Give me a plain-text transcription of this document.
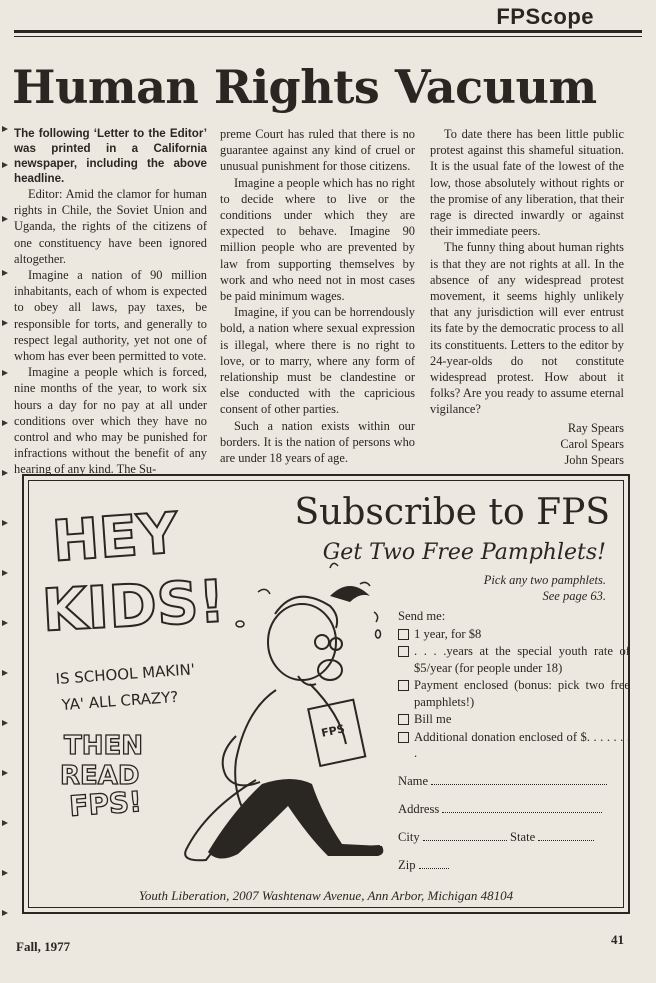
FPScope
Human Rights Vacuum

The following ‘Letter to the Editor’ was printed in a California newspaper, including the above headline.

Editor: Amid the clamor for human rights in Chile, the Soviet Union and Uganda, the rights of the citizens of one constituency have been ignored altogether.

Imagine a nation of 90 million inhabitants, each of whom is expected to obey all laws, pay taxes, be responsible for torts, and generally to respect legal authority, yet not one of whom has ever been permitted to vote.

Imagine a people which is forced, nine months of the year, to work six hours a day for no pay at all under conditions over which they have no control and who may be punished for infractions without the benefit of any hearing of any kind. The Su-

preme Court has ruled that there is no guarantee against any kind of cruel or unusual punishment for those citizens.

Imagine a people which has no right to decide where to live or the conditions under which they are expected to behave. Imagine 90 million people who are prevented by law from supporting themselves by work and who need not in most cases be paid minimum wages.

Imagine, if you can be horrendously bold, a nation where sexual expression is illegal, where there is no right to love, or to marry, where any form of relationship must be clandestine or else conducted with the capricious consent of other parties.

Such a nation exists within our borders. It is the nation of persons who are under 18 years of age.

To date there has been little public protest against this shameful situation. It is the usual fate of the lowest of the low, those absolutely without rights or the promise of any liberation, that their rage is directed inwardly or against their immediate peers.

The funny thing about human rights is that they are not rights at all. In the absence of any widespread protest movement, it seems highly unlikely that any jurisdiction will ever entrust its fate by the democratic process to all its constituents. Letters to the editor by 24-year-olds do not constitute widespread protest. How about it folks? Are you ready to assume eternal vigilance?

Ray Spears
Carol Spears
John Spears
HEY
KIDS!
IS SCHOOL MAKIN'
YA' ALL CRAZY?
THEN
READ
FPS!
FPS
Subscribe to FPS
Get Two Free Pamphlets!
Pick any two pamphlets.
See page 63.
Send me:
1 year, for $8
. . . .years at the special youth rate of $5/year (for people under 18)
Payment enclosed (bonus: pick two free pamphlets!)
Bill me
Additional donation enclosed of $. . . . . . . .
Name
Address
City	State
Zip
Youth Liberation, 2007 Washtenaw Avenue, Ann Arbor, Michigan 48104
Fall, 1977	41
